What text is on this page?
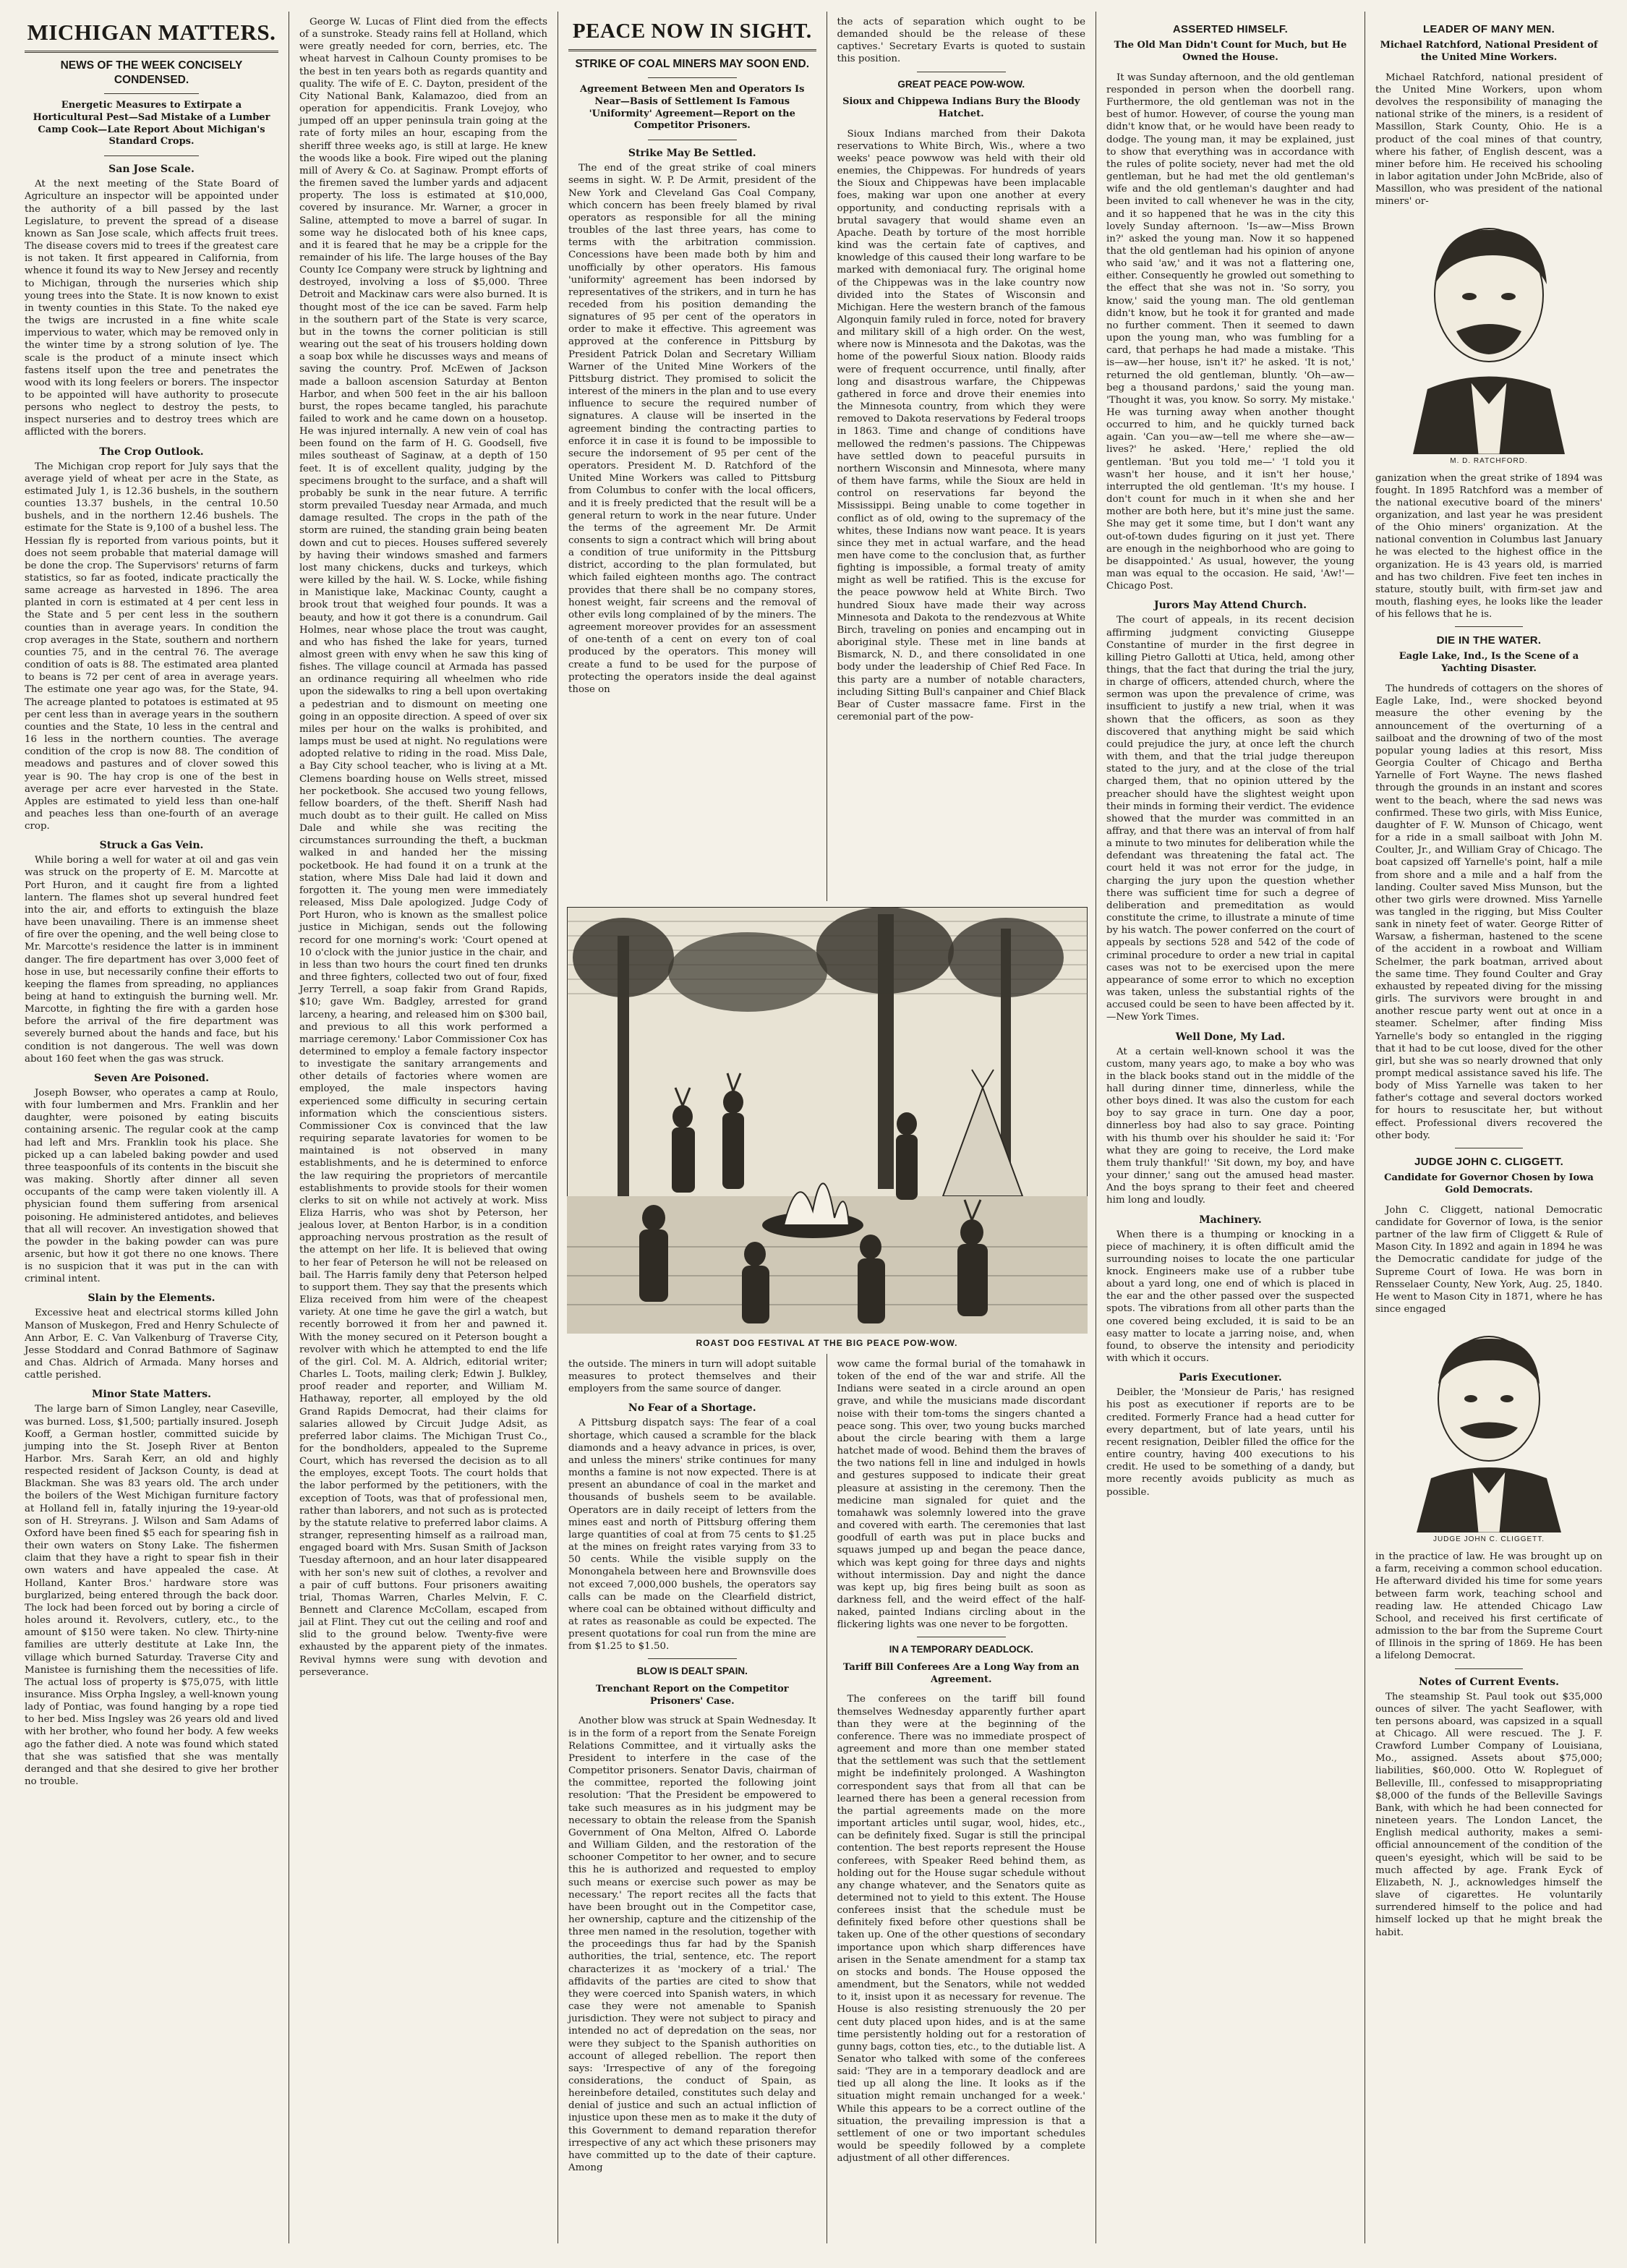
MICHIGAN MATTERS.
NEWS OF THE WEEK CONCISELY CONDENSED.
Energetic Measures to Extirpate a Horticultural Pest—Sad Mistake of a Lumber Camp Cook—Late Report About Michigan's Standard Crops.
San Jose Scale.

At the next meeting of the State Board of Agriculture an inspector will be appointed under the authority of a bill passed by the last Legislature, to prevent the spread of a disease known as San Jose scale, which affects fruit trees. The disease covers mid to trees if the greatest care is not taken. It first appeared in California, from whence it found its way to New Jersey and recently to Michigan, through the nurseries which ship young trees into the State. It is now known to exist in twenty counties in this State. To the naked eye the twigs are incrusted in a fine white scale impervious to water, which may be removed only in the winter time by a strong solution of lye. The scale is the product of a minute insect which fastens itself upon the tree and penetrates the wood with its long feelers or borers. The inspector to be appointed will have authority to prosecute persons who neglect to destroy the pests, to inspect nurseries and to destroy trees which are afflicted with the borers.

The Crop Outlook.

The Michigan crop report for July says that the average yield of wheat per acre in the State, as estimated July 1, is 12.36 bushels, in the southern counties 13.37 bushels, in the central 10.50 bushels, and in the northern 12.46 bushels. The estimate for the State is 9,100 of a bushel less. The Hessian fly is reported from various points, but it does not seem probable that material damage will be done the crop. The Supervisors' returns of farm statistics, so far as footed, indicate practically the same acreage as harvested in 1896. The area planted in corn is estimated at 4 per cent less in the State and 5 per cent less in the southern counties than in average years. In condition the crop averages in the State, southern and northern counties 75, and in the central 76. The average condition of oats is 88. The estimated area planted to beans is 72 per cent of area in average years. The estimate one year ago was, for the State, 94. The acreage planted to potatoes is estimated at 95 per cent less than in average years in the southern counties and the State, 10 less in the central and 16 less in the northern counties. The average condition of the crop is now 88. The condition of meadows and pastures and of clover sowed this year is 90. The hay crop is one of the best in average per acre ever harvested in the State. Apples are estimated to yield less than one-half and peaches less than one-fourth of an average crop.

Struck a Gas Vein.

While boring a well for water at oil and gas vein was struck on the property of E. M. Marcotte at Port Huron, and it caught fire from a lighted lantern. The flames shot up several hundred feet into the air, and efforts to extinguish the blaze have been unavailing. There is an immense sheet of fire over the opening, and the well being close to Mr. Marcotte's residence the latter is in imminent danger. The fire department has over 3,000 feet of hose in use, but necessarily confine their efforts to keeping the flames from spreading, no appliances being at hand to extinguish the burning well. Mr. Marcotte, in fighting the fire with a garden hose before the arrival of the fire department was severely burned about the hands and face, but his condition is not dangerous. The well was down about 160 feet when the gas was struck.

Seven Are Poisoned.

Joseph Bowser, who operates a camp at Roulo, with four lumbermen and Mrs. Franklin and her daughter, were poisoned by eating biscuits containing arsenic. The regular cook at the camp had left and Mrs. Franklin took his place. She picked up a can labeled baking powder and used three teaspoonfuls of its contents in the biscuit she was making. Shortly after dinner all seven occupants of the camp were taken violently ill. A physician found them suffering from arsenical poisoning. He administered antidotes, and believes that all will recover. An investigation showed that the powder in the baking powder can was pure arsenic, but how it got there no one knows. There is no suspicion that it was put in the can with criminal intent.

Slain by the Elements.

Excessive heat and electrical storms killed John Manson of Muskegon, Fred and Henry Schulecte of Ann Arbor, E. C. Van Valkenburg of Traverse City, Jesse Stoddard and Conrad Bathmore of Saginaw and Chas. Aldrich of Armada. Many horses and cattle perished.

Minor State Matters.

The large barn of Simon Langley, near Caseville, was burned. Loss, $1,500; partially insured. Joseph Kooff, a German hostler, committed suicide by jumping into the St. Joseph River at Benton Harbor. Mrs. Sarah Kerr, an old and highly respected resident of Jackson County, is dead at Blackman. She was 83 years old. The arch under the boilers of the West Michigan furniture factory at Holland fell in, fatally injuring the 19-year-old son of H. Streyrans. J. Wilson and Sam Adams of Oxford have been fined $5 each for spearing fish in their own waters on Stony Lake. The fishermen claim that they have a right to spear fish in their own waters and have appealed the case. At Holland, Kanter Bros.' hardware store was burglarized, being entered through the back door. The lock had been forced out by boring a circle of holes around it. Revolvers, cutlery, etc., to the amount of $150 were taken. No clew. Thirty-nine families are utterly destitute at Lake Inn, the village which burned Saturday. Traverse City and Manistee is furnishing them the necessities of life. The actual loss of property is $75,075, with little insurance. Miss Orpha Ingsley, a well-known young lady of Pontiac, was found hanging by a rope tied to her bed. Miss Ingsley was 26 years old and lived with her brother, who found her body. A few weeks ago the father died. A note was found which stated that she was satisfied that she was mentally deranged and that she desired to give her brother no trouble.

George W. Lucas of Flint died from the effects of a sunstroke. Steady rains fell at Holland, which were greatly needed for corn, berries, etc. The wheat harvest in Calhoun County promises to be the best in ten years both as regards quantity and quality. The wife of E. C. Dayton, president of the City National Bank, Kalamazoo, died from an operation for appendicitis. Frank Lovejoy, who jumped off an upper peninsula train going at the rate of forty miles an hour, escaping from the sheriff three weeks ago, is still at large. He knew the woods like a book. Fire wiped out the planing mill of Avery & Co. at Saginaw. Prompt efforts of the firemen saved the lumber yards and adjacent property. The loss is estimated at $10,000, covered by insurance. Mr. Warner, a grocer in Saline, attempted to move a barrel of sugar. In some way he dislocated both of his knee caps, and it is feared that he may be a cripple for the remainder of his life. The large houses of the Bay County Ice Company were struck by lightning and destroyed, involving a loss of $5,000. Three Detroit and Mackinaw cars were also burned. It is thought most of the ice can be saved. Farm help in the southern part of the State is very scarce, but in the towns the corner politician is still wearing out the seat of his trousers holding down a soap box while he discusses ways and means of saving the country. Prof. McEwen of Jackson made a balloon ascension Saturday at Benton Harbor, and when 500 feet in the air his balloon burst, the ropes became tangled, his parachute failed to work and he came down on a housetop. He was injured internally. A new vein of coal has been found on the farm of H. G. Goodsell, five miles southeast of Saginaw, at a depth of 150 feet. It is of excellent quality, judging by the specimens brought to the surface, and a shaft will probably be sunk in the near future. A terrific storm prevailed Tuesday near Armada, and much damage resulted. The crops in the path of the storm are ruined, the standing grain being beaten down and cut to pieces. Houses suffered severely by having their windows smashed and farmers lost many chickens, ducks and turkeys, which were killed by the hail. W. S. Locke, while fishing in Manistique lake, Mackinac County, caught a brook trout that weighed four pounds. It was a beauty, and how it got there is a conundrum. Gail Holmes, near whose place the trout was caught, and who has fished the lake for years, turned almost green with envy when he saw this king of fishes. The village council at Armada has passed an ordinance requiring all wheelmen who ride upon the sidewalks to ring a bell upon overtaking a pedestrian and to dismount on meeting one going in an opposite direction. A speed of over six miles per hour on the walks is prohibited, and lamps must be used at night. No regulations were adopted relative to riding in the road. Miss Dale, a Bay City school teacher, who is living at a Mt. Clemens boarding house on Wells street, missed her pocketbook. She accused two young fellows, fellow boarders, of the theft. Sheriff Nash had much doubt as to their guilt. He called on Miss Dale and while she was reciting the circumstances surrounding the theft, a buckman walked in and handed her the missing pocketbook. He had found it on a trunk at the station, where Miss Dale had laid it down and forgotten it. The young men were immediately released, Miss Dale apologized. Judge Cody of Port Huron, who is known as the smallest police justice in Michigan, sends out the following record for one morning's work: 'Court opened at 10 o'clock with the junior justice in the chair, and in less than two hours the court fined ten drunks and three fighters, collected two out of four, fixed Jerry Terrell, a soap fakir from Grand Rapids, $10; gave Wm. Badgley, arrested for grand larceny, a hearing, and released him on $300 bail, and previous to all this work performed a marriage ceremony.' Labor Commissioner Cox has determined to employ a female factory inspector to investigate the sanitary arrangements and other details of factories where women are employed, the male inspectors having experienced some difficulty in securing certain information which the conscientious sisters. Commissioner Cox is convinced that the law requiring separate lavatories for women to be maintained is not observed in many establishments, and he is determined to enforce the law requiring the proprietors of mercantile establishments to provide stools for their women clerks to sit on while not actively at work. Miss Eliza Harris, who was shot by Peterson, her jealous lover, at Benton Harbor, is in a condition approaching nervous prostration as the result of the attempt on her life. It is believed that owing to her fear of Peterson he will not be released on bail. The Harris family deny that Peterson helped to support them. They say that the presents which Eliza received from him were of the cheapest variety. At one time he gave the girl a watch, but recently borrowed it from her and pawned it. With the money secured on it Peterson bought a revolver with which he attempted to end the life of the girl. Col. M. A. Aldrich, editorial writer; Charles L. Toots, mailing clerk; Edwin J. Bulkley, proof reader and reporter, and William M. Hathaway, reporter, all employed by the old Grand Rapids Democrat, had their claims for salaries allowed by Circuit Judge Adsit, as preferred labor claims. The Michigan Trust Co., for the bondholders, appealed to the Supreme Court, which has reversed the decision as to all the employes, except Toots. The court holds that the labor performed by the petitioners, with the exception of Toots, was that of professional men, rather than laborers, and not such as is protected by the statute relative to preferred labor claims. A stranger, representing himself as a railroad man, engaged board with Mrs. Susan Smith of Jackson Tuesday afternoon, and an hour later disappeared with her son's new suit of clothes, a revolver and a pair of cuff buttons. Four prisoners awaiting trial, Thomas Warren, Charles Melvin, F. C. Bennett and Clarence McCollam, escaped from jail at Flint. They cut out the ceiling and roof and slid to the ground below. Twenty-five were exhausted by the apparent piety of the inmates. Revival hymns were sung with devotion and perseverance.

PEACE NOW IN SIGHT.
STRIKE OF COAL MINERS MAY SOON END.
Agreement Between Men and Operators Is Near—Basis of Settlement Is Famous 'Uniformity' Agreement—Report on the Competitor Prisoners.
Strike May Be Settled.

The end of the great strike of coal miners seems in sight. W. P. De Armit, president of the New York and Cleveland Gas Coal Company, which concern has been freely blamed by rival operators as responsible for all the mining troubles of the last three years, has come to terms with the arbitration commission. Concessions have been made both by him and unofficially by other operators. His famous 'uniformity' agreement has been indorsed by representatives of the strikers, and in turn he has receded from his position demanding the signatures of 95 per cent of the operators in order to make it effective. This agreement was approved at the conference in Pittsburg by President Patrick Dolan and Secretary William Warner of the United Mine Workers of the Pittsburg district. They promised to solicit the interest of the miners in the plan and to use every influence to secure the required number of signatures. A clause will be inserted in the agreement binding the contracting parties to enforce it in case it is found to be impossible to secure the indorsement of 95 per cent of the operators. President M. D. Ratchford of the United Mine Workers was called to Pittsburg from Columbus to confer with the local officers, and it is freely predicted that the result will be a general return to work in the near future. Under the terms of the agreement Mr. De Armit consents to sign a contract which will bring about a condition of true uniformity in the Pittsburg district, according to the plan formulated, but which failed eighteen months ago. The contract provides that there shall be no company stores, honest weight, fair screens and the removal of other evils long complained of by the miners. The agreement moreover provides for an assessment of one-tenth of a cent on every ton of coal produced by the operators. This money will create a fund to be used for the purpose of protecting the operators inside the deal against those on

the acts of separation which ought to be demanded should be the release of these captives.' Secretary Evarts is quoted to sustain this position.

GREAT PEACE POW-WOW.
Sioux and Chippewa Indians Bury the Bloody Hatchet.

Sioux Indians marched from their Dakota reservations to White Birch, Wis., where a two weeks' peace powwow was held with their old enemies, the Chippewas. For hundreds of years the Sioux and Chippewas have been implacable foes, making war upon one another at every opportunity, and conducting reprisals with a brutal savagery that would shame even an Apache. Death by torture of the most horrible kind was the certain fate of captives, and knowledge of this caused their long warfare to be marked with demoniacal fury. The original home of the Chippewas was in the lake country now divided into the States of Wisconsin and Michigan. Here the western branch of the famous Algonquin family ruled in force, noted for bravery and military skill of a high order. On the west, where now is Minnesota and the Dakotas, was the home of the powerful Sioux nation. Bloody raids were of frequent occurrence, until finally, after long and disastrous warfare, the Chippewas gathered in force and drove their enemies into the Minnesota country, from which they were removed to Dakota reservations by Federal troops in 1863. Time and change of conditions have mellowed the redmen's passions. The Chippewas have settled down to peaceful pursuits in northern Wisconsin and Minnesota, where many of them have farms, while the Sioux are held in control on reservations far beyond the Mississippi. Being unable to come together in conflict as of old, owing to the supremacy of the whites, these Indians now want peace. It is years since they met in actual warfare, and the head men have come to the conclusion that, as further fighting is impossible, a formal treaty of amity might as well be ratified. This is the excuse for the peace powwow held at White Birch. Two hundred Sioux have made their way across Minnesota and Dakota to the rendezvous at White Birch, traveling on ponies and encamping out in aboriginal style. These met in line bands at Bismarck, N. D., and there consolidated in one body under the leadership of Chief Red Face. In this party are a number of notable characters, including Sitting Bull's canpainer and Chief Black Bear of Custer massacre fame. First in the ceremonial part of the pow-

ROAST DOG FESTIVAL AT THE BIG PEACE POW-WOW.

the outside. The miners in turn will adopt suitable measures to protect themselves and their employers from the same source of danger.

No Fear of a Shortage.

A Pittsburg dispatch says: The fear of a coal shortage, which caused a scramble for the black diamonds and a heavy advance in prices, is over, and unless the miners' strike continues for many months a famine is not now expected. There is at present an abundance of coal in the market and thousands of bushels seem to be available. Operators are in daily receipt of letters from the mines east and north of Pittsburg offering them large quantities of coal at from 75 cents to $1.25 at the mines on freight rates varying from 33 to 50 cents. While the visible supply on the Monongahela between here and Brownsville does not exceed 7,000,000 bushels, the operators say calls can be made on the Clearfield district, where coal can be obtained without difficulty and at rates as reasonable as could be expected. The present quotations for coal run from the mine are from $1.25 to $1.50.

BLOW IS DEALT SPAIN.
Trenchant Report on the Competitor Prisoners' Case.

Another blow was struck at Spain Wednesday. It is in the form of a report from the Senate Foreign Relations Committee, and it virtually asks the President to interfere in the case of the Competitor prisoners. Senator Davis, chairman of the committee, reported the following joint resolution: 'That the President be empowered to take such measures as in his judgment may be necessary to obtain the release from the Spanish Government of Ona Melton, Alfred O. Laborde and William Gilden, and the restoration of the schooner Competitor to her owner, and to secure this he is authorized and requested to employ such means or exercise such power as may be necessary.' The report recites all the facts that have been brought out in the Competitor case, her ownership, capture and the citizenship of the three men named in the resolution, together with the proceedings thus far had by the Spanish authorities, the trial, sentence, etc. The report characterizes it as 'mockery of a trial.' The affidavits of the parties are cited to show that they were coerced into Spanish waters, in which case they were not amenable to Spanish jurisdiction. They were not subject to piracy and intended no act of depredation on the seas, nor were they subject to the Spanish authorities on account of alleged rebellion. The report then says: 'Irrespective of any of the foregoing considerations, the conduct of Spain, as hereinbefore detailed, constitutes such delay and denial of justice and such an actual infliction of injustice upon these men as to make it the duty of this Government to demand reparation therefor irrespective of any act which these prisoners may have committed up to the date of their capture. Among

wow came the formal burial of the tomahawk in token of the end of the war and strife. All the Indians were seated in a circle around an open grave, and while the musicians made discordant noise with their tom-toms the singers chanted a peace song. This over, two young bucks marched about the circle bearing with them a large hatchet made of wood. Behind them the braves of the two nations fell in line and indulged in howls and gestures supposed to indicate their great pleasure at assisting in the ceremony. Then the medicine man signaled for quiet and the tomahawk was solemnly lowered into the grave and covered with earth. The ceremonies that last goodfull of earth was put in place bucks and squaws jumped up and began the peace dance, which was kept going for three days and nights without intermission. Day and night the dance was kept up, big fires being built as soon as darkness fell, and the weird effect of the half-naked, painted Indians circling about in the flickering lights was one never to be forgotten.

IN A TEMPORARY DEADLOCK.
Tariff Bill Conferees Are a Long Way from an Agreement.

The conferees on the tariff bill found themselves Wednesday apparently further apart than they were at the beginning of the conference. There was no immediate prospect of agreement and more than one member stated that the settlement was such that the settlement might be indefinitely prolonged. A Washington correspondent says that from all that can be learned there has been a general recession from the partial agreements made on the more important articles until sugar, wool, hides, etc., can be definitely fixed. Sugar is still the principal contention. The best reports represent the House conferees, with Speaker Reed behind them, as holding out for the House sugar schedule without any change whatever, and the Senators quite as determined not to yield to this extent. The House conferees insist that the schedule must be definitely fixed before other questions shall be taken up. One of the other questions of secondary importance upon which sharp differences have arisen in the Senate amendment for a stamp tax on stocks and bonds. The House opposed the amendment, but the Senators, while not wedded to it, insist upon it as necessary for revenue. The House is also resisting strenuously the 20 per cent duty placed upon hides, and is at the same time persistently holding out for a restoration of gunny bags, cotton ties, etc., to the dutiable list. A Senator who talked with some of the conferees said: 'They are in a temporary deadlock and are tied up all along the line. It looks as if the situation might remain unchanged for a week.' While this appears to be a correct outline of the situation, the prevailing impression is that a settlement of one or two important schedules would be speedily followed by a complete adjustment of all other differences.

ASSERTED HIMSELF.
The Old Man Didn't Count for Much, but He Owned the House.

It was Sunday afternoon, and the old gentleman responded in person when the doorbell rang. Furthermore, the old gentleman was not in the best of humor. However, of course the young man didn't know that, or he would have been ready to dodge. The young man, it may be explained, just to show that everything was in accordance with the rules of polite society, never had met the old gentleman, but he had met the old gentleman's wife and the old gentleman's daughter and had been invited to call whenever he was in the city, and it so happened that he was in the city this lovely Sunday afternoon. 'Is—aw—Miss Brown in?' asked the young man. Now it so happened that the old gentleman had his opinion of anyone who said 'aw,' and it was not a flattering one, either. Consequently he growled out something to the effect that she was not in. 'So sorry, you know,' said the young man. The old gentleman didn't know, but he took it for granted and made no further comment. Then it seemed to dawn upon the young man, who was fumbling for a card, that perhaps he had made a mistake. 'This is—aw—her house, isn't it?' he asked. 'It is not,' returned the old gentleman, bluntly. 'Oh—aw—beg a thousand pardons,' said the young man. 'Thought it was, you know. So sorry. My mistake.' He was turning away when another thought occurred to him, and he quickly turned back again. 'Can you—aw—tell me where she—aw—lives?' he asked. 'Here,' replied the old gentleman. 'But you told me—' 'I told you it wasn't her house, and it isn't her house,' interrupted the old gentleman. 'It's my house. I don't count for much in it when she and her mother are both here, but it's mine just the same. She may get it some time, but I don't want any out-of-town dudes figuring on it just yet. There are enough in the neighborhood who are going to be disappointed.' As usual, however, the young man was equal to the occasion. He said, 'Aw!'—Chicago Post.

Jurors May Attend Church.

The court of appeals, in its recent decision affirming judgment convicting Giuseppe Constantine of murder in the first degree in killing Pietro Gallotti at Utica, held, among other things, that the fact that during the trial the jury, in charge of officers, attended church, where the sermon was upon the prevalence of crime, was insufficient to justify a new trial, when it was shown that the officers, as soon as they discovered that anything might be said which could prejudice the jury, at once left the church with them, and that the trial judge thereupon stated to the jury, and at the close of the trial charged them, that no opinion uttered by the preacher should have the slightest weight upon their minds in forming their verdict. The evidence showed that the murder was committed in an affray, and that there was an interval of from half a minute to two minutes for deliberation while the defendant was threatening the fatal act. The court held it was not error for the judge, in charging the jury upon the question whether there was sufficient time for such a degree of deliberation and premeditation as would constitute the crime, to illustrate a minute of time by his watch. The power conferred on the court of appeals by sections 528 and 542 of the code of criminal procedure to order a new trial in capital cases was not to be exercised upon the mere appearance of some error to which no exception was taken, unless the substantial rights of the accused could be seen to have been affected by it.—New York Times.

Well Done, My Lad.

At a certain well-known school it was the custom, many years ago, to make a boy who was in the black books stand out in the middle of the hall during dinner time, dinnerless, while the other boys dined. It was also the custom for each boy to say grace in turn. One day a poor, dinnerless boy had also to say grace. Pointing with his thumb over his shoulder he said it: 'For what they are going to receive, the Lord make them truly thankful!' 'Sit down, my boy, and have your dinner,' sang out the amused head master. And the boys sprang to their feet and cheered him long and loudly.

Machinery.

When there is a thumping or knocking in a piece of machinery, it is often difficult amid the surrounding noises to locate the one particular knock. Engineers make use of a rubber tube about a yard long, one end of which is placed in the ear and the other passed over the suspected spots. The vibrations from all other parts than the one covered being excluded, it is said to be an easy matter to locate a jarring noise, and, when found, to observe the intensity and periodicity with which it occurs.

Paris Executioner.

Deibler, the 'Monsieur de Paris,' has resigned his post as executioner if reports are to be credited. Formerly France had a head cutter for every department, but of late years, until his recent resignation, Deibler filled the office for the entire country, having 400 executions to his credit. He used to be something of a dandy, but more recently avoids publicity as much as possible.

LEADER OF MANY MEN.
Michael Ratchford, National President of the United Mine Workers.

Michael Ratchford, national president of the United Mine Workers, upon whom devolves the responsibility of managing the national strike of the miners, is a resident of Massillon, Stark County, Ohio. He is a product of the coal mines of that country, where his father, of English descent, was a miner before him. He received his schooling in labor agitation under John McBride, also of Massillon, who was president of the national miners' or-

M. D. RATCHFORD.

ganization when the great strike of 1894 was fought. In 1895 Ratchford was a member of the national executive board of the miners' organization, and last year he was president of the Ohio miners' organization. At the national convention in Columbus last January he was elected to the highest office in the organization. He is 43 years old, is married and has two children. Five feet ten inches in stature, stoutly built, with firm-set jaw and mouth, flashing eyes, he looks like the leader of his fellows that he is.

DIE IN THE WATER.
Eagle Lake, Ind., Is the Scene of a Yachting Disaster.

The hundreds of cottagers on the shores of Eagle Lake, Ind., were shocked beyond measure the other evening by the announcement of the overturning of a sailboat and the drowning of two of the most popular young ladies at this resort, Miss Georgia Coulter of Chicago and Bertha Yarnelle of Fort Wayne. The news flashed through the grounds in an instant and scores went to the beach, where the sad news was confirmed. These two girls, with Miss Eunice, daughter of F. W. Munson of Chicago, went for a ride in a small sailboat with John M. Coulter, Jr., and William Gray of Chicago. The boat capsized off Yarnelle's point, half a mile from shore and a mile and a half from the landing. Coulter saved Miss Munson, but the other two girls were drowned. Miss Yarnelle was tangled in the rigging, but Miss Coulter sank in ninety feet of water. George Ritter of Warsaw, a fisherman, hastened to the scene of the accident in a rowboat and William Schelmer, the park boatman, arrived about the same time. They found Coulter and Gray exhausted by repeated diving for the missing girls. The survivors were brought in and another rescue party went out at once in a steamer. Schelmer, after finding Miss Yarnelle's body so entangled in the rigging that it had to be cut loose, dived for the other girl, but she was so nearly drowned that only prompt medical assistance saved his life. The body of Miss Yarnelle was taken to her father's cottage and several doctors worked for hours to resuscitate her, but without effect. Professional divers recovered the other body.

JUDGE JOHN C. CLIGGETT.
Candidate for Governor Chosen by Iowa Gold Democrats.

John C. Cliggett, national Democratic candidate for Governor of Iowa, is the senior partner of the law firm of Cliggett & Rule of Mason City. In 1892 and again in 1894 he was the Democratic candidate for judge of the Supreme Court of Iowa. He was born in Rensselaer County, New York, Aug. 25, 1840. He went to Mason City in 1871, where he has since engaged

JUDGE JOHN C. CLIGGETT.

in the practice of law. He was brought up on a farm, receiving a common school education. He afterward divided his time for some years between farm work, teaching school and reading law. He attended Chicago Law School, and received his first certificate of admission to the bar from the Supreme Court of Illinois in the spring of 1869. He has been a lifelong Democrat.

Notes of Current Events.

The steamship St. Paul took out $35,000 ounces of silver. The yacht Seaflower, with ten persons aboard, was capsized in a squall at Chicago. All were rescued. The J. F. Crawford Lumber Company of Louisiana, Mo., assigned. Assets about $75,000; liabilities, $60,000. Otto W. Ropleguet of Belleville, Ill., confessed to misappropriating $8,000 of the funds of the Belleville Savings Bank, with which he had been connected for nineteen years. The London Lancet, the English medical authority, makes a semi-official announcement of the condition of the queen's eyesight, which will be said to be much affected by age. Frank Eyck of Elizabeth, N. J., acknowledges himself the slave of cigarettes. He voluntarily surrendered himself to the police and had himself locked up that he might break the habit.
